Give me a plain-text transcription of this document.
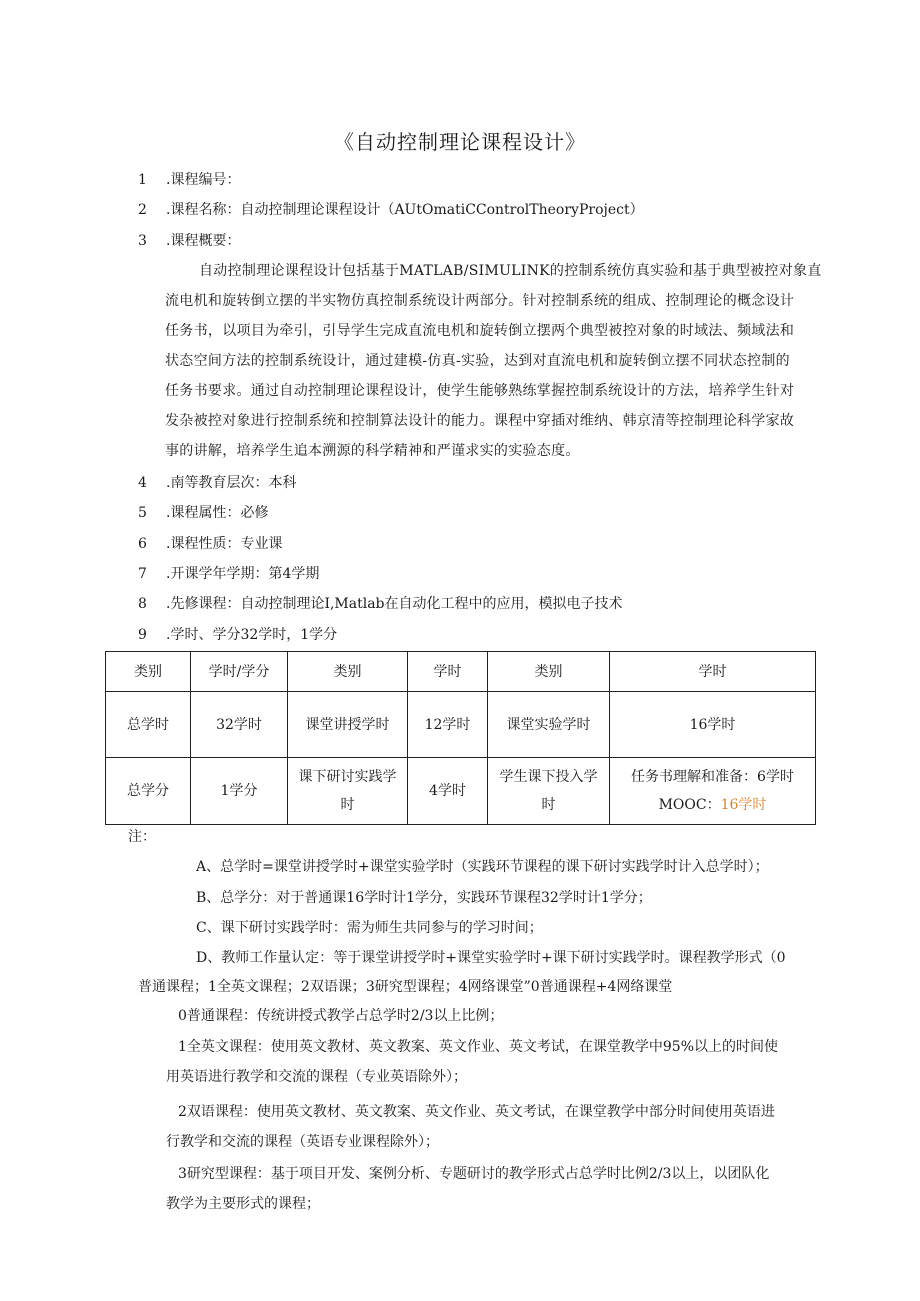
《自动控制理论课程设计》
1 .课程编号：
2 .课程名称：自动控制理论课程设计（AUtOmatiCControlTheoryProject）
3 .课程概要：
自动控制理论课程设计包括基于MATLAB/SIMULINK的控制系统仿真实验和基于典型被控对象直
流电机和旋转倒立摆的半实物仿真控制系统设计两部分。针对控制系统的组成、控制理论的概念设计
任务书，以项目为牵引，引导学生完成直流电机和旋转倒立摆两个典型被控对象的时域法、频域法和
状态空间方法的控制系统设计，通过建模-仿真-实验，达到对直流电机和旋转倒立摆不同状态控制的
任务书要求。通过自动控制理论课程设计，使学生能够熟练掌握控制系统设计的方法，培养学生针对
发杂被控对象进行控制系统和控制算法设计的能力。课程中穿插对维纳、韩京清等控制理论科学家故
事的讲解，培养学生追本溯源的科学精神和严谨求实的实验态度。
4 .南等教育层次：本科
5 .课程属性：必修
6 .课程性质：专业课
7 .开课学年学期：第4学期
8 .先修课程：自动控制理论I,Matlab在自动化工程中的应用，模拟电子技术
9 .学时、学分32学时，1学分
类别	学时/学分	类别	学时	类别	学时
总学时	32学时	课堂讲授学时	12学时	课堂实验学时	16学时
总学分	1学分	课下研讨实践学时	4学时	学生课下投入学时	任务书理解和准备：6学时
MOOC：16学时
注：
A、总学时=课堂讲授学时+课堂实验学时（实践环节课程的课下研讨实践学时计入总学时）；
B、总学分：对于普通课16学时计1学分，实践环节课程32学时计1学分；
C、课下研讨实践学时：需为师生共同参与的学习时间；
D、教师工作量认定：等于课堂讲授学时+课堂实验学时+课下研讨实践学时。课程教学形式（0
普通课程；1全英文课程；2双语课；3研究型课程；4网络课堂”0普通课程+4网络课堂
0普通课程：传统讲授式教学占总学时2/3以上比例；
1全英文课程：使用英文教材、英文教案、英文作业、英文考试，在课堂教学中95%以上的时间使
用英语进行教学和交流的课程（专业英语除外）；
2双语课程：使用英文教材、英文教案、英文作业、英文考试，在课堂教学中部分时间使用英语进
行教学和交流的课程（英语专业课程除外）；
3研究型课程：基于项目开发、案例分析、专题研讨的教学形式占总学时比例2/3以上，以团队化
教学为主要形式的课程；
